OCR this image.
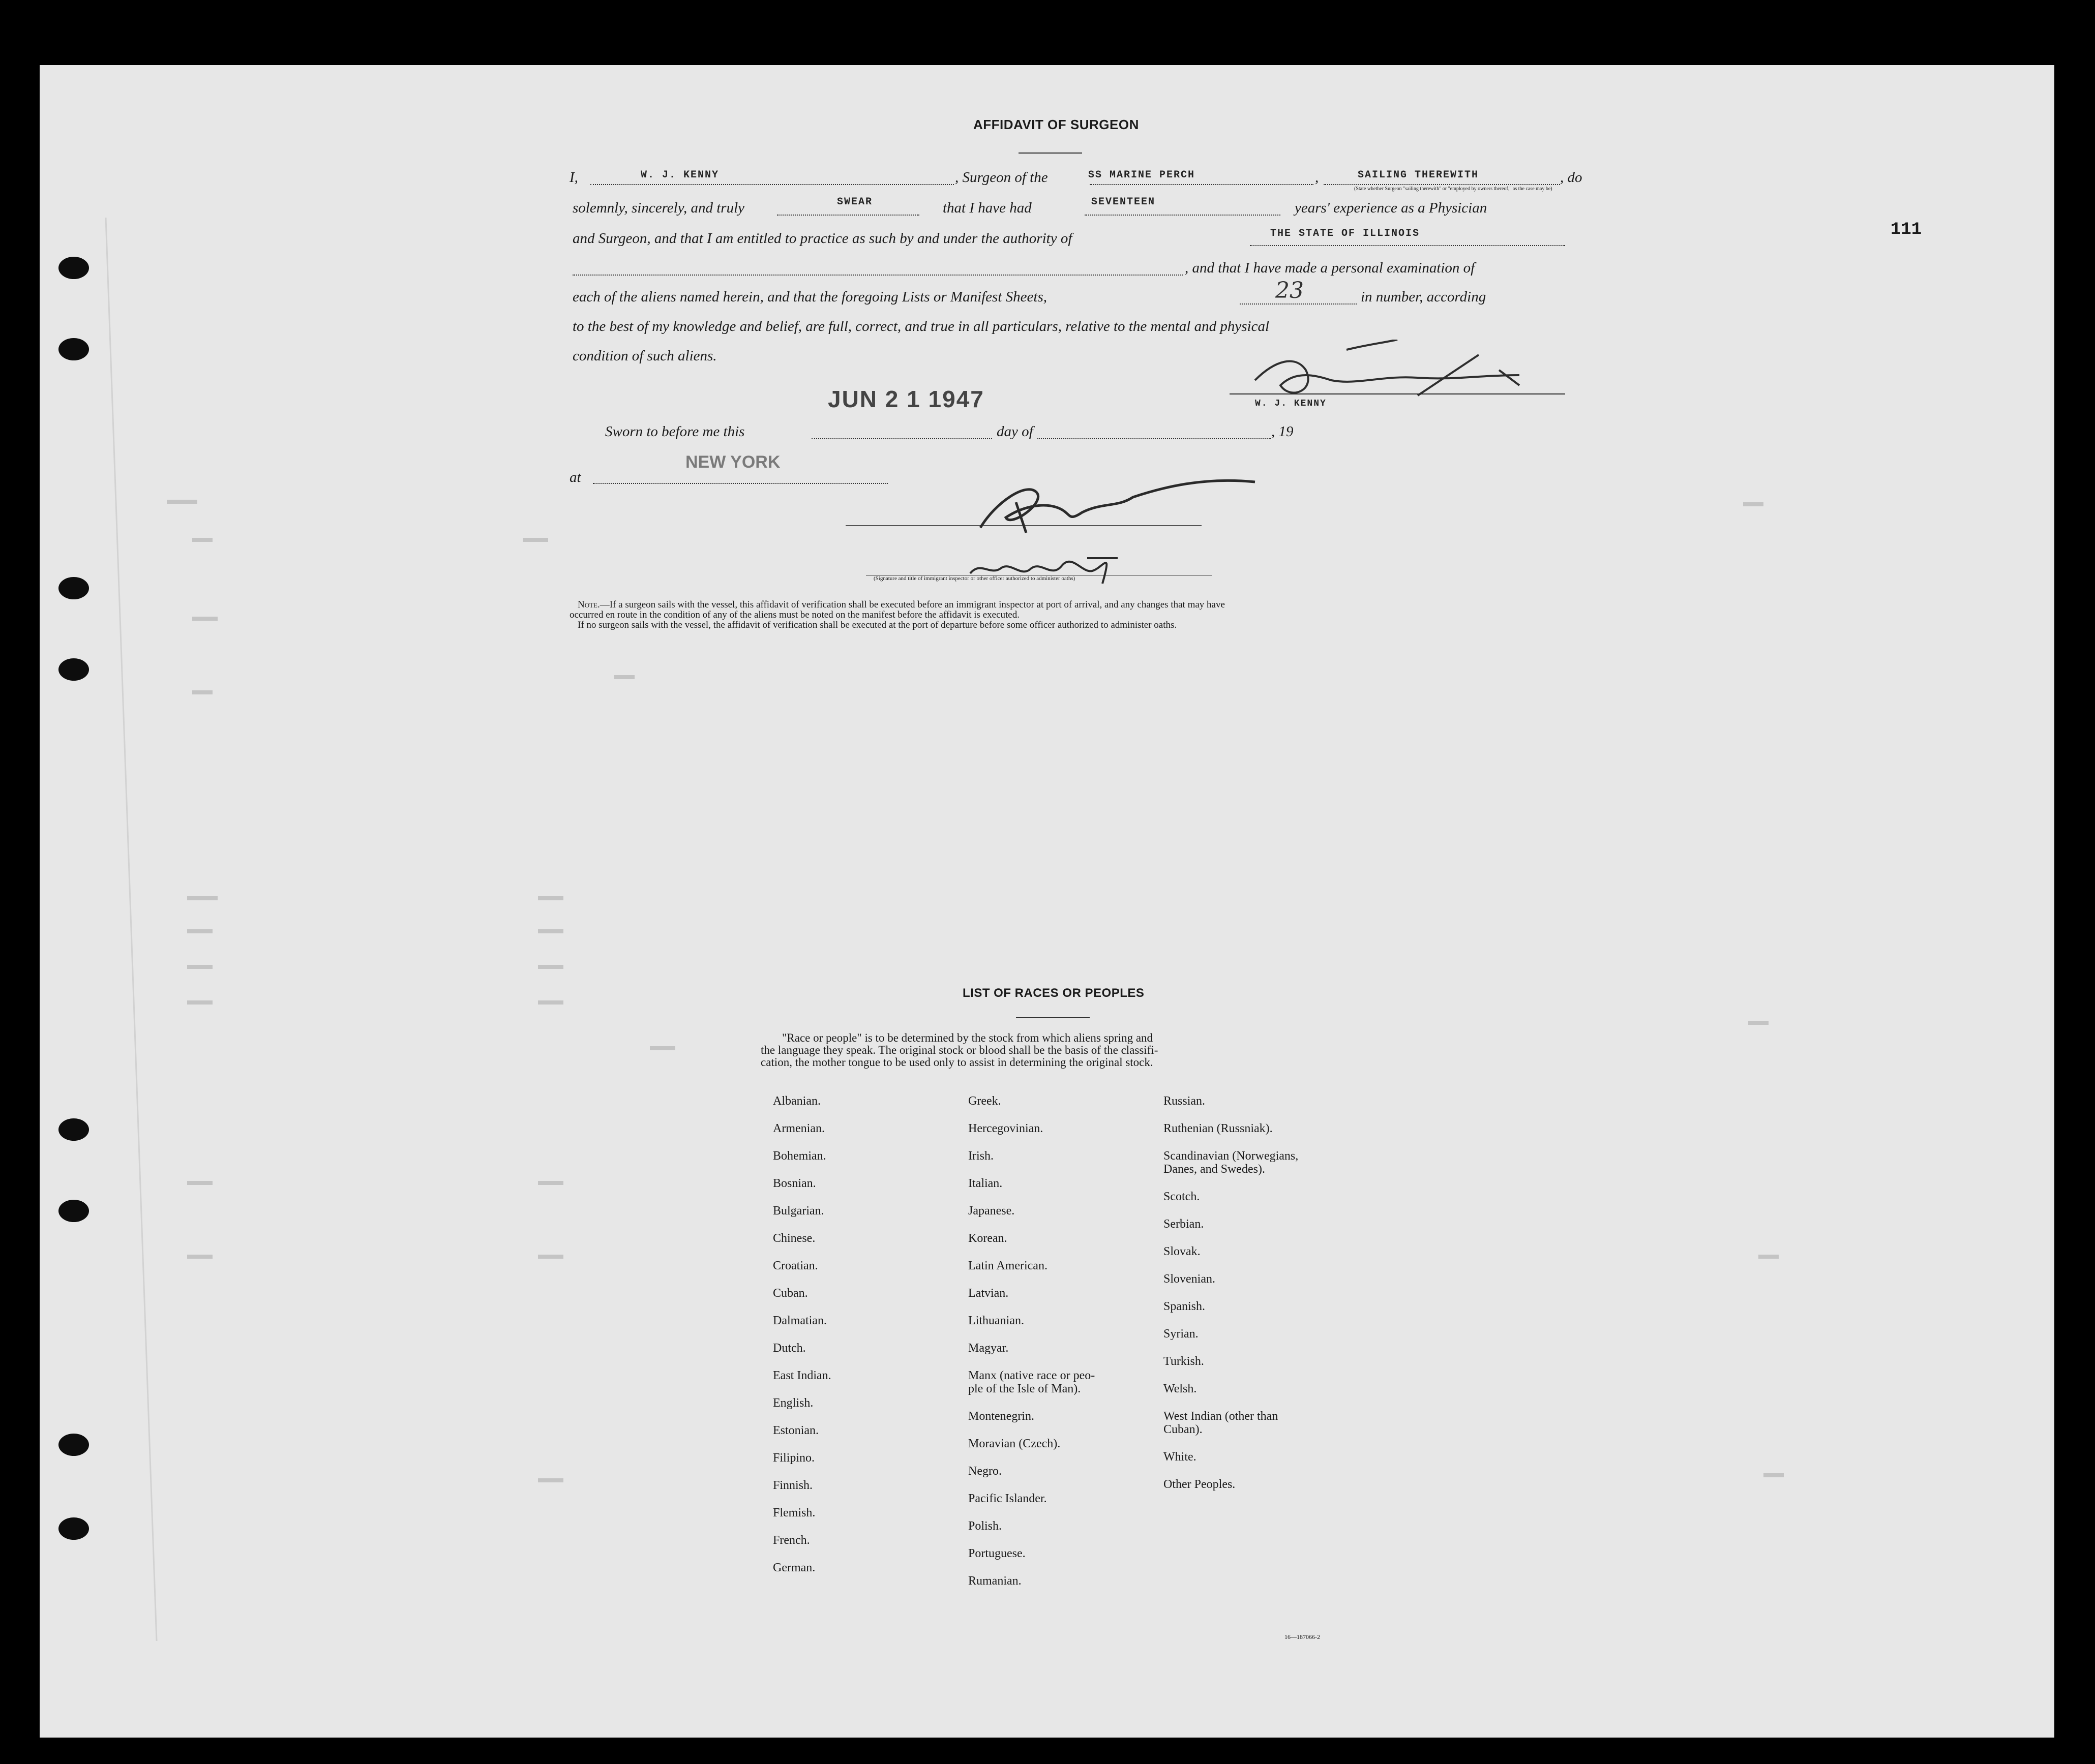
111
AFFIDAVIT OF SURGEON
I,	W. J. KENNY	, Surgeon of the	SS MARINE PERCH	,	SAILING THEREWITH	, do
(State whether Surgeon "sailing therewith" or "employed by owners thereof," as the case may be)
solemnly, sincerely, and truly	SWEAR	that I have had	SEVENTEEN	years' experience as a Physician
and Surgeon, and that I am entitled to practice as such by and under the authority of	THE STATE OF ILLINOIS
, and that I have made a personal examination of
each of the aliens named herein, and that the foregoing Lists or Manifest Sheets,	23	in number, according
to the best of my knowledge and belief, are full, correct, and true in all particulars, relative to the mental and physical
condition of such aliens.
JUN 2 1 1947	W. J. KENNY
Sworn to before me this	day of	, 19
at
NEW YORK
(Signature and title of immigrant inspector or other officer authorized to administer oaths)
Note.—If a surgeon sails with the vessel, this affidavit of verification shall be executed before an immigrant inspector at port of arrival, and any changes that may have
occurred en route in the condition of any of the aliens must be noted on the manifest before the affidavit is executed.
If no surgeon sails with the vessel, the affidavit of verification shall be executed at the port of departure before some officer authorized to administer oaths.
LIST OF RACES OR PEOPLES
"Race or people" is to be determined by the stock from which aliens spring and
the language they speak. The original stock or blood shall be the basis of the classifi-
cation, the mother tongue to be used only to assist in determining the original stock.
Albanian.
Armenian.
Bohemian.
Bosnian.
Bulgarian.
Chinese.
Croatian.
Cuban.
Dalmatian.
Dutch.
East Indian.
English.
Estonian.
Filipino.
Finnish.
Flemish.
French.
German.
Greek.
Hercegovinian.
Irish.
Italian.
Japanese.
Korean.
Latin American.
Latvian.
Lithuanian.
Magyar.
Manx (native race or peo-
ple of the Isle of Man).
Montenegrin.
Moravian (Czech).
Negro.
Pacific Islander.
Polish.
Portuguese.
Rumanian.
Russian.
Ruthenian (Russniak).
Scandinavian (Norwegians,
Danes, and Swedes).
Scotch.
Serbian.
Slovak.
Slovenian.
Spanish.
Syrian.
Turkish.
Welsh.
West Indian (other than
Cuban).
White.
Other Peoples.
16—187066-2
